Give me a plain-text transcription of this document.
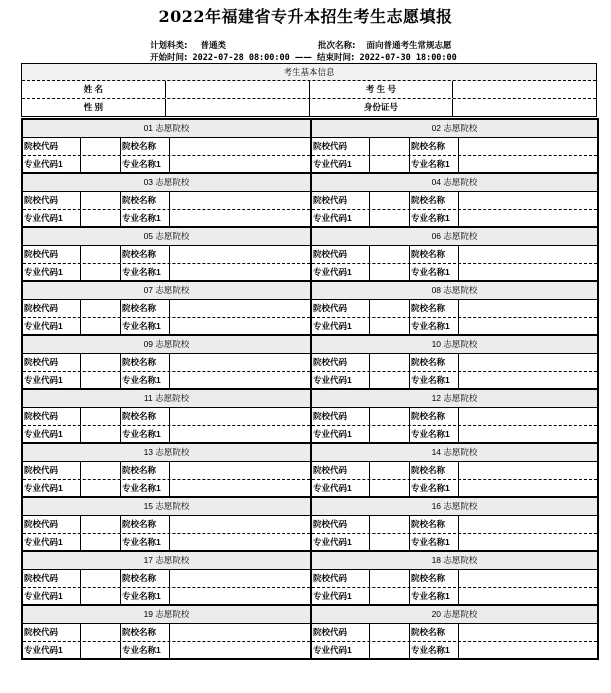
2022年福建省专升本招生考生志愿填报
计划科类: 普通类	批次名称: 面向普通考生常规志愿
开始时间: 2022-07-28 08:00:00 —— 结束时间: 2022-07-30 18:00:00
考生基本信息
姓 名	考 生 号
性 别	身份证号
01 志愿院校
院校代码	院校名称
专业代码1	专业名称1
02 志愿院校
院校代码	院校名称
专业代码1	专业名称1
03 志愿院校
院校代码	院校名称
专业代码1	专业名称1
04 志愿院校
院校代码	院校名称
专业代码1	专业名称1
05 志愿院校
院校代码	院校名称
专业代码1	专业名称1
06 志愿院校
院校代码	院校名称
专业代码1	专业名称1
07 志愿院校
院校代码	院校名称
专业代码1	专业名称1
08 志愿院校
院校代码	院校名称
专业代码1	专业名称1
09 志愿院校
院校代码	院校名称
专业代码1	专业名称1
10 志愿院校
院校代码	院校名称
专业代码1	专业名称1
11 志愿院校
院校代码	院校名称
专业代码1	专业名称1
12 志愿院校
院校代码	院校名称
专业代码1	专业名称1
13 志愿院校
院校代码	院校名称
专业代码1	专业名称1
14 志愿院校
院校代码	院校名称
专业代码1	专业名称1
15 志愿院校
院校代码	院校名称
专业代码1	专业名称1
16 志愿院校
院校代码	院校名称
专业代码1	专业名称1
17 志愿院校
院校代码	院校名称
专业代码1	专业名称1
18 志愿院校
院校代码	院校名称
专业代码1	专业名称1
19 志愿院校
院校代码	院校名称
专业代码1	专业名称1
20 志愿院校
院校代码	院校名称
专业代码1	专业名称1
